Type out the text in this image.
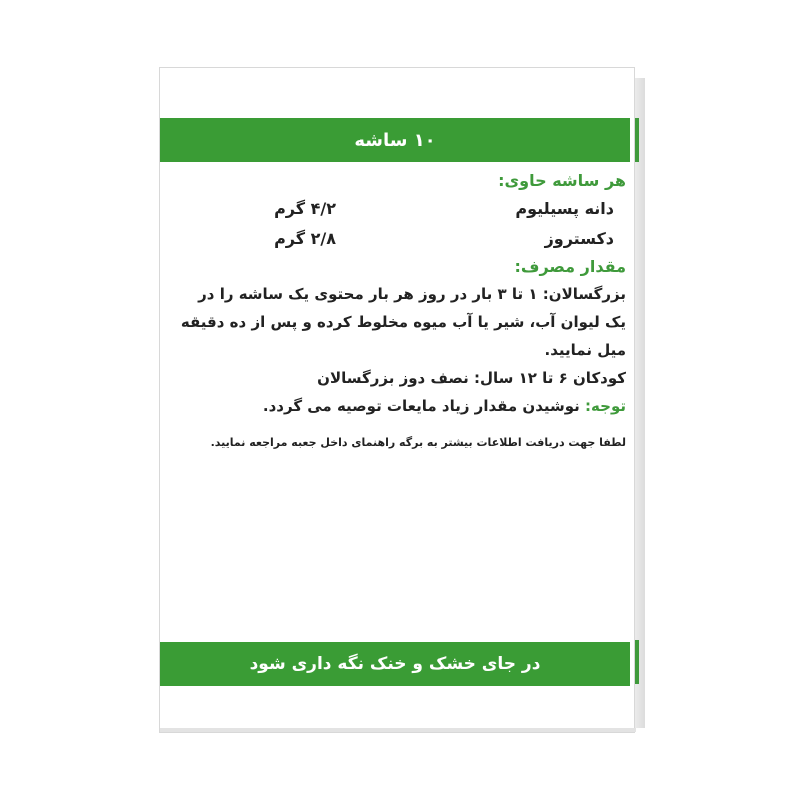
۱۰ ساشه

هر ساشه حاوی:

دانه پسیلیوم
۴/۲ گرم
دکستروز
۲/۸ گرم

مقدار مصرف:

بزرگسالان: ۱ تا ۳ بار در روز هر بار محتوی یک ساشه را در یک لیوان آب، شیر یا آب میوه مخلوط کرده و پس از ده دقیقه میل نمایید.

کودکان ۶ تا ۱۲ سال: نصف دوز بزرگسالان

توجه: نوشیدن مقدار زیاد مایعات توصیه می گردد.

لطفا جهت دریافت اطلاعات بیشتر به برگه راهنمای داخل جعبه مراجعه نمایید.

در جای خشک و خنک نگه داری شود
